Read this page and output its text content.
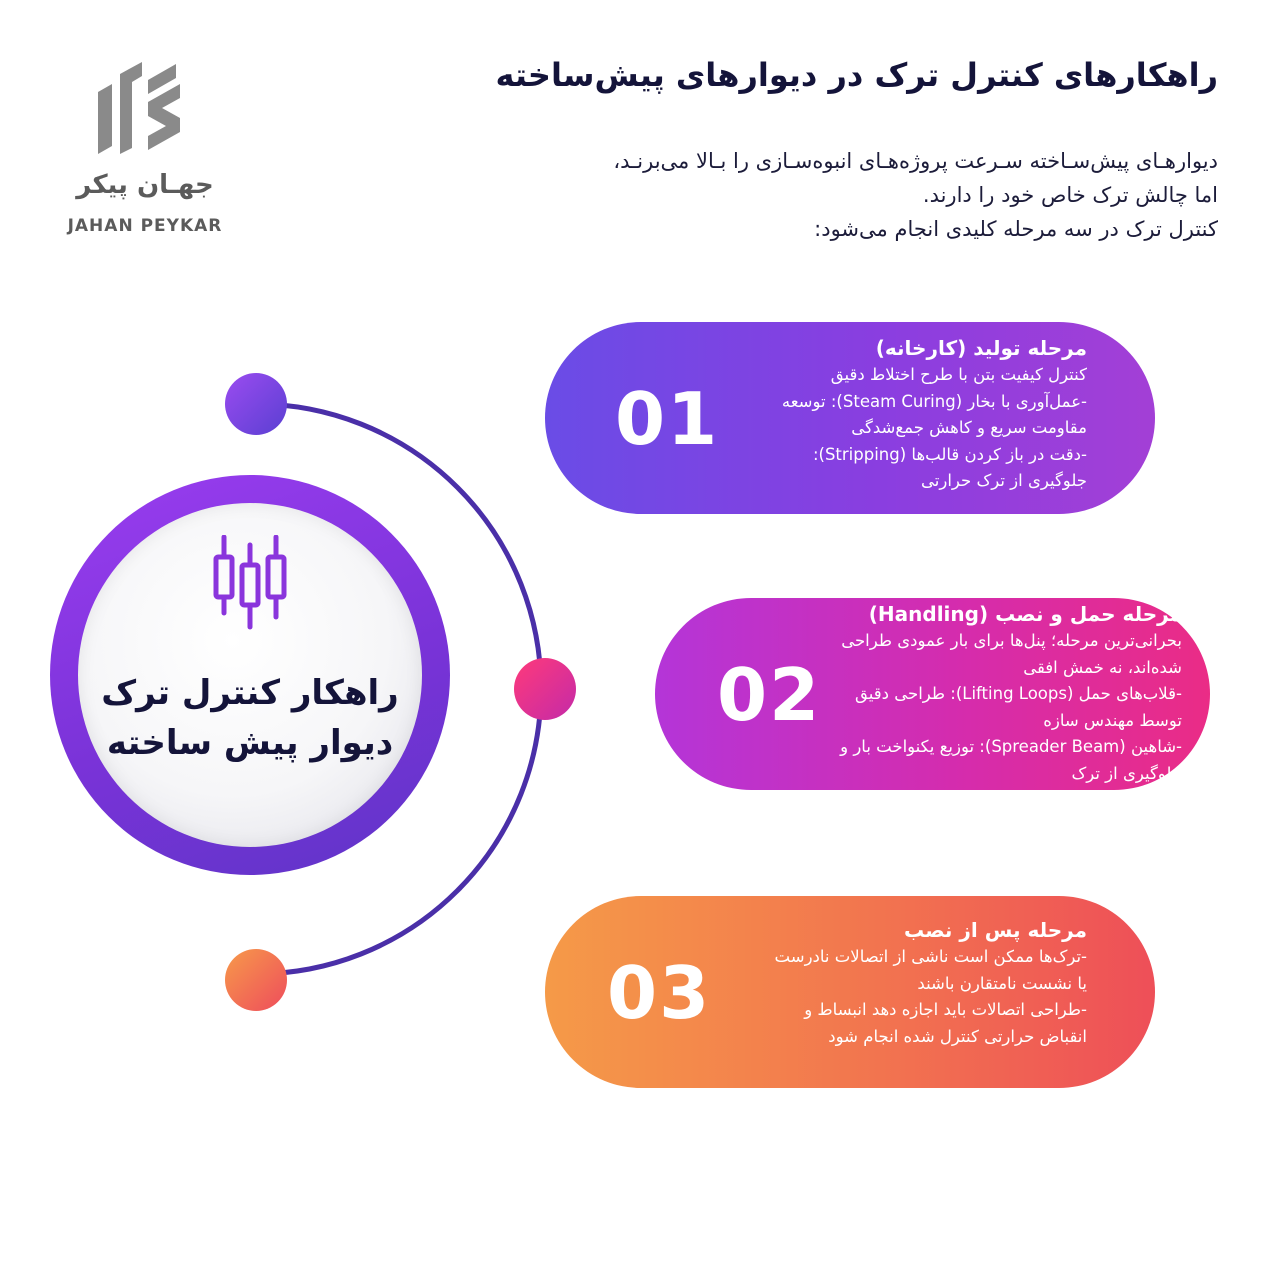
جهـان پیکر
JAHAN PEYKAR
راهکارهای کنترل ترک در دیوارهای پیش‌ساخته
دیوارهـای پیش‌سـاخته سـرعت پروژه‌هـای انبوه‌سـازی را بـالا می‌برنـد،
اما چالش ترک خاص خود را دارند.
کنترل ترک در سه مرحله کلیدی انجام می‌شود:
راهکار کنترل ترک
دیوار پیش ساخته
01
مرحله تولید (کارخانه)
کنترل کیفیت بتن با طرح اختلاط دقیق
-عمل‌آوری با بخار (Steam Curing): توسعه
مقاومت سریع و کاهش جمع‌شدگی
-دقت در باز کردن قالب‌ها (Stripping):
جلوگیری از ترک حرارتی
02
مرحله حمل و نصب (Handling)
بحرانی‌ترین مرحله؛ پنل‌ها برای بار عمودی طراحی
شده‌اند، نه خمش افقی
-قلاب‌های حمل (Lifting Loops): طراحی دقیق
توسط مهندس سازه
-شاهین (Spreader Beam): توزیع یکنواخت بار و
جلوگیری از ترک
03
مرحله پس از نصب
-ترک‌ها ممکن است ناشی از اتصالات نادرست
یا نشست نامتقارن باشند
-طراحی اتصالات باید اجازه دهد انبساط و
انقباض حرارتی کنترل شده انجام شود
